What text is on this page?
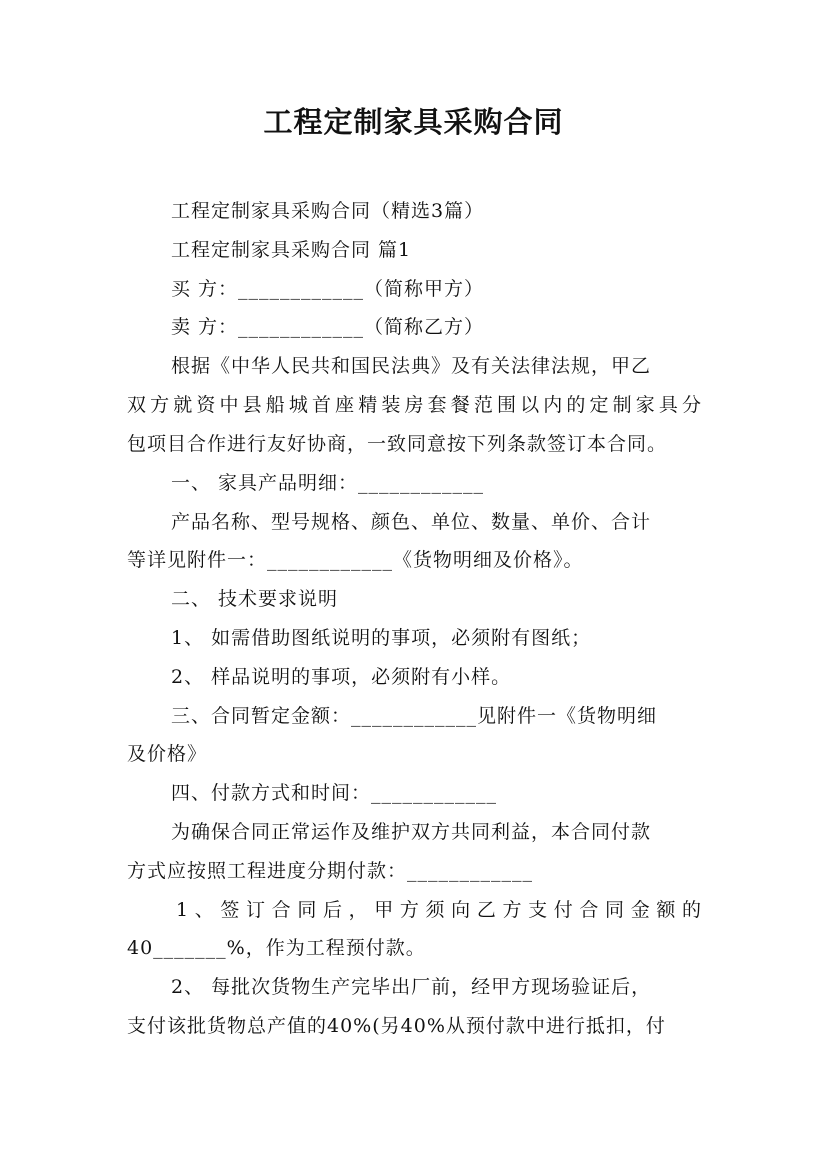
工程定制家具采购合同
工程定制家具采购合同（精选3篇）
工程定制家具采购合同 篇1
买 方：____________（简称甲方）
卖 方：____________（简称乙方）
根据《中华人民共和国民法典》及有关法律法规，甲乙
双方就资中县船城首座精装房套餐范围以内的定制家具分
包项目合作进行友好协商，一致同意按下列条款签订本合同。
一、 家具产品明细：____________
产品名称、型号规格、颜色、单位、数量、单价、合计
等详见附件一：____________《货物明细及价格》。
二、 技术要求说明
1、 如需借助图纸说明的事项，必须附有图纸；
2、 样品说明的事项，必须附有小样。
三、合同暂定金额：____________见附件一《货物明细
及价格》
四、付款方式和时间：____________
为确保合同正常运作及维护双方共同利益，本合同付款
方式应按照工程进度分期付款：____________
1、签订合同后，甲方须向乙方支付合同金额的
40_______%，作为工程预付款。
2、 每批次货物生产完毕出厂前，经甲方现场验证后，
支付该批货物总产值的40%(另40%从预付款中进行抵扣，付
